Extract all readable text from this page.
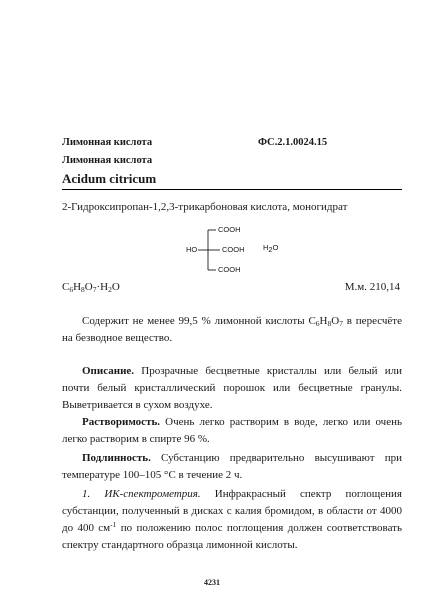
Лимонная кислота	ФС.2.1.0024.15
Лимонная кислота
Acidum citricum
2-Гидроксипропан-1,2,3-трикарбоновая кислота, моногидрат
COOH
COOH
COOH
HO	$H_2O$
$C_6H_8O_7\cdot H_2O$	М.м. 210,14
Содержит не менее 99,5 % лимонной кислоты $C_6H_8O_7$ в пересчёте на безводное вещество.
Описание. Прозрачные бесцветные кристаллы или белый или почти белый кристаллический порошок или бесцветные гранулы. Выветривается в сухом воздухе.
Растворимость. Очень легко растворим в воде, легко или очень легко растворим в спирте 96 %.
Подлинность. Субстанцию предварительно высушивают при температуре 100–105 °С в течение 2 ч.
1. ИК-спектрометрия. Инфракрасный спектр поглощения субстанции, полученный в дисках с калия бромидом, в области от 4000 до 400 $см^{-1}$ по положению полос поглощения должен соответствовать спектру стандартного образца лимонной кислоты.
4231
